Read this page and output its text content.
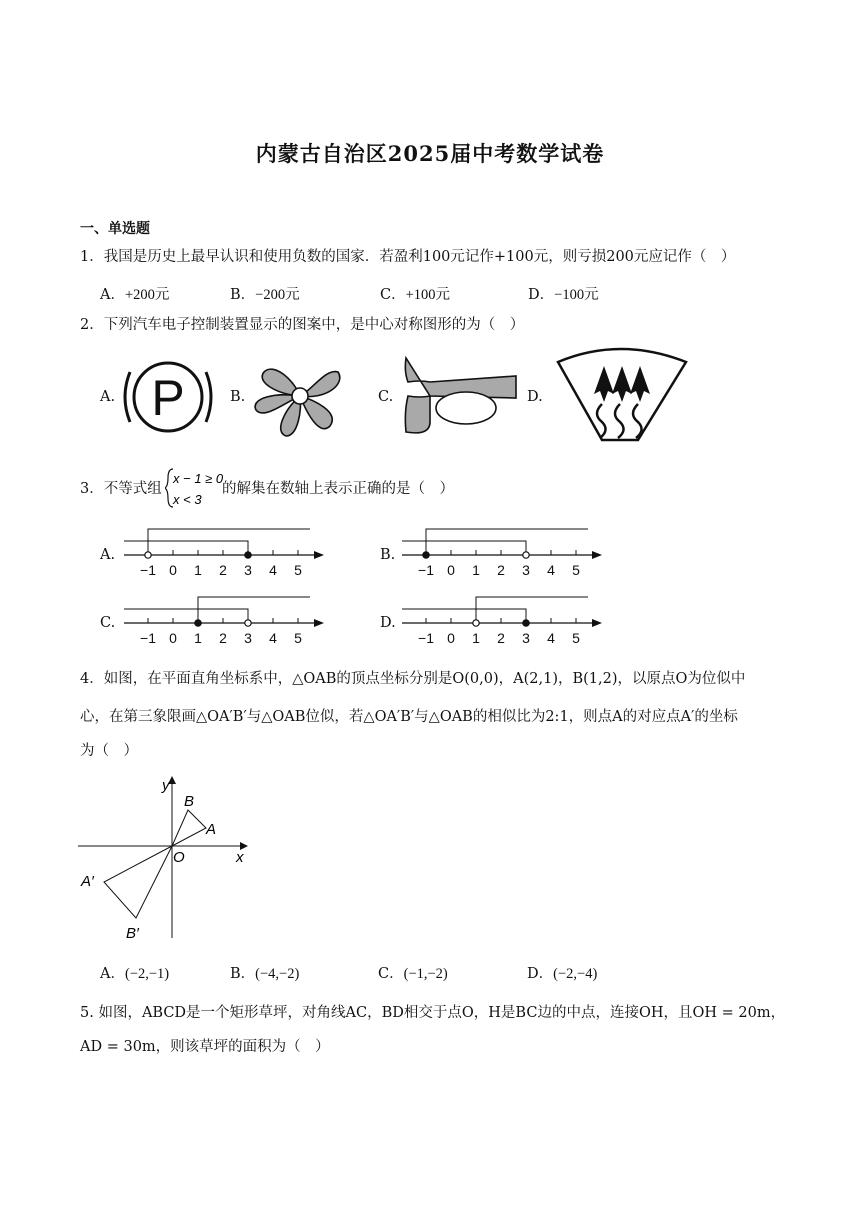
内蒙古自治区2025届中考数学试卷
一、单选题
1．我国是历史上最早认识和使用负数的国家．若盈利100元记作+100元，则亏损200元应记作（　）
A．+200元	B．−200元	C．+100元	D．−100元
2．下列汽车电子控制装置显示的图案中，是中心对称图形的为（　）
A.	B.	C.	D.
P
3．不等式组
x − 1 ≥ 0
x < 3
的解集在数轴上表示正确的是（　）
A.	B.
C.	D.
−1 0 1 2 3 4 5	−1 0 1 2 3 4 5
−1 0 1 2 3 4 5	−1 0 1 2 3 4 5
4．如图，在平面直角坐标系中，△OAB的顶点坐标分别是O(0,0)，A(2,1)，B(1,2)，以原点O为位似中
心，在第三象限画△OA′B′与△OAB位似，若△OA′B′与△OAB的相似比为2:1，则点A的对应点A′的坐标
为（　）
y
x
O
A
B
A′
B′
A．(−2,−1)	B．(−4,−2)	C．(−1,−2)	D．(−2,−4)
5. 如图，ABCD是一个矩形草坪，对角线AC，BD相交于点O，H是BC边的中点，连接OH，且OH = 20m，
AD = 30m，则该草坪的面积为（　）
